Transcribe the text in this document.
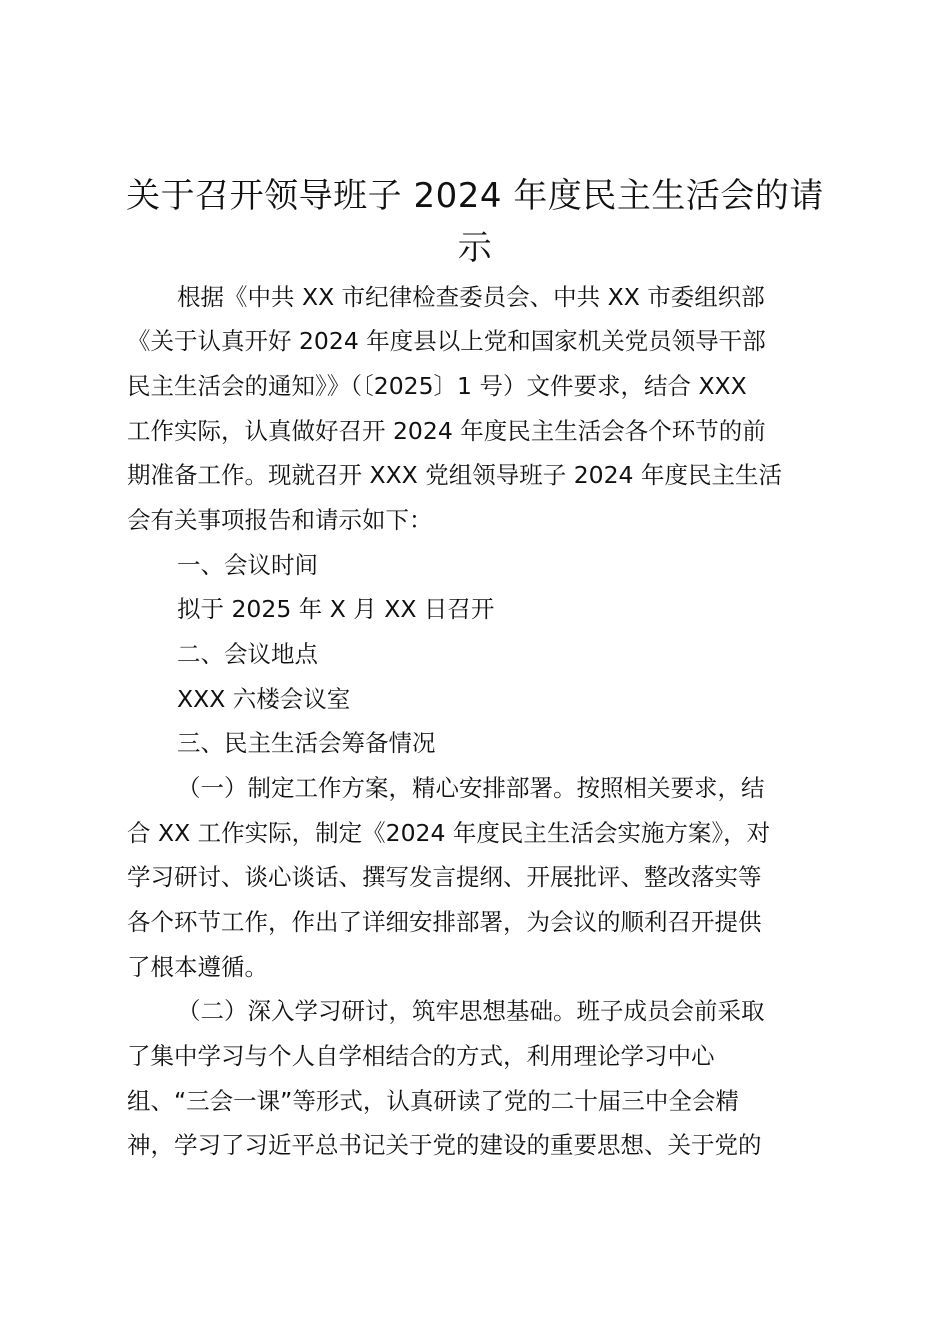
关于召开领导班子 2024 年度民主生活会的请
示

根据《中共 XX 市纪律检查委员会、中共 XX 市委组织部

《关于认真开好 2024 年度县以上党和国家机关党员领导干部

民主生活会的通知》》（〔2025〕1 号）文件要求，结合 XXX

工作实际，认真做好召开 2024 年度民主生活会各个环节的前

期准备工作。现就召开 XXX 党组领导班子 2024 年度民主生活

会有关事项报告和请示如下：

一、会议时间

拟于 2025 年 X 月 XX 日召开

二、会议地点

XXX 六楼会议室

三、民主生活会筹备情况

（一）制定工作方案，精心安排部署。按照相关要求，结

合 XX 工作实际，制定《2024 年度民主生活会实施方案》，对

学习研讨、谈心谈话、撰写发言提纲、开展批评、整改落实等

各个环节工作，作出了详细安排部署，为会议的顺利召开提供

了根本遵循。

（二）深入学习研讨，筑牢思想基础。班子成员会前采取

了集中学习与个人自学相结合的方式，利用理论学习中心

组、“三会一课”等形式，认真研读了党的二十届三中全会精

神，学习了习近平总书记关于党的建设的重要思想、关于党的
